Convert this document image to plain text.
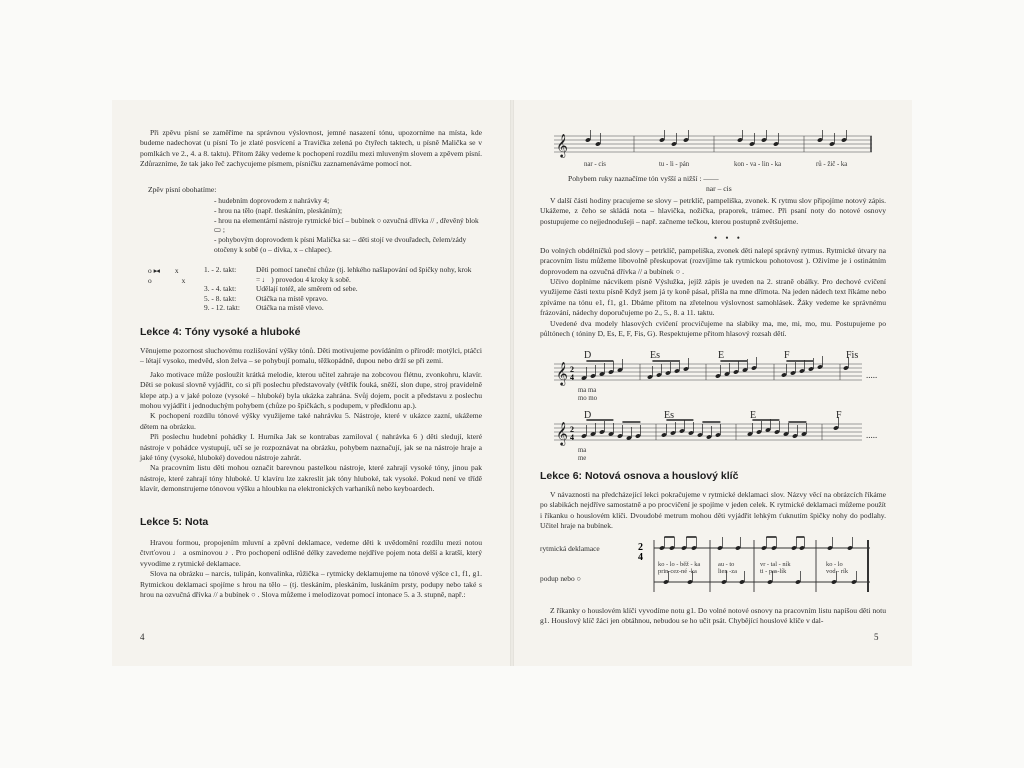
Při zpěvu písní se zaměříme na správnou výslovnost, jemné nasazení tónu, upozorníme na místa, kde budeme nadechovat (u písní To je zlaté posvícení a Travička zelená po čtyřech taktech, u písně Malička se v pomlkách ve 2., 4. a 8. taktu). Přitom žáky vedeme k pochopení rozdílu mezi mluveným slovem a zpěvem písní. Zdůrazníme, že tak jako řeč zachycujeme písmem, písničku zaznamenáváme pomocí not.

Zpěv písní obohatíme:

- hudebním doprovodem z nahrávky 4;
- hrou na tělo (např. tleskáním, pleskáním);
- hrou na elementární nástroje rytmické bicí – bubínek ○ ozvučná dřívka // , dřevěný blok ▭ ;
- pohybovým doprovodem k písni Malička sa: – děti stojí ve dvouřadech, čelem/zády otočeny k sobě (o – dívka, x – chlapec).
o ▸◂ x
o	x
1. - 2. takt:	Děti pomocí taneční chůze (tj. lehkého našlapování od špičky nohy, krok = ♩ ) provedou 4 kroky k sobě.
3. - 4. takt:	Udělají totéž, ale směrem od sebe.
5. - 8. takt:	Otáčka na místě vpravo.
9. - 12. takt:	Otáčka na místě vlevo.
Lekce 4: Tóny vysoké a hluboké

Věnujeme pozornost sluchovému rozlišování výšky tónů. Děti motivujeme povídáním o přírodě: motýlci, ptáčci – létají vysoko, medvěd, slon želva – se pohybují pomalu, těžkopádně, dupou nebo drží se při zemi.

Jako motivace může posloužit krátká melodie, kterou učitel zahraje na zobcovou flétnu, zvonkohru, klavír. Děti se pokusí slovně vyjádřit, co si při poslechu představovaly (větřík fouká, sněží, slon dupe, stroj pravidelně klepe atp.) a v jaké poloze (vysoké – hluboké) byla ukázka zahrána. Svůj dojem, pocit a představu z poslechu mohou vyjádřit i jednoduchým pohybem (chůze po špičkách, s podupem, v předklonu ap.).

K pochopení rozdílu tónové výšky využijeme také nahrávku 5. Nástroje, které v ukázce zazní, ukážeme dětem na obrázku.

Při poslechu hudební pohádky I. Hurníka Jak se kontrabas zamiloval ( nahrávka 6 ) děti sledují, které nástroje v pohádce vystupují, učí se je rozpoznávat na obrázku, pohybem naznačují, jak se na nástroje hraje a jaké tóny (vysoké, hluboké) dovedou nástroje zahrát.

Na pracovním listu děti mohou označit barevnou pastelkou nástroje, které zahrají vysoké tóny, jinou pak nástroje, které zahrají tóny hluboké. U klavíru lze zakreslit jak tóny hluboké, tak vysoké. Pokud není ve třídě klavír, demonstrujeme tónovou výšku a hloubku na elektronických varhaníků nebo keyboardech.

Lekce 5: Nota

Hravou formou, propojením mluvní a zpěvní deklamace, vedeme děti k uvědomění rozdílu mezi notou čtvrťovou ♩ a osminovou ♪ . Pro pochopení odlišné délky zavedeme nejdříve pojem nota delší a kratší, který vyvodíme z rytmické deklamace.

Slova na obrázku – narcis, tulipán, konvalinka, růžička – rytmicky deklamujeme na tónové výšce c1, f1, g1. Rytmickou deklamaci spojíme s hrou na tělo – (tj. tleskáním, pleskáním, luskáním prsty, podupy nebo také s hrou na ozvučná dřívka // a bubínek ○ . Slova můžeme i melodizovat pomocí intonace 5. a 3. stupně, např.:

4
𝄞
nar - cis	tu - li - pán	kon - va - lin - ka	rů - žič - ka

Pohybem ruky naznačíme tón vyšší a nižší : ——

nar – cis

V další části hodiny pracujeme se slovy – petrklíč, pampeliška, zvonek. K rytmu slov připojíme notový zápis. Ukážeme, z čeho se skládá nota – hlavička, nožička, praporek, trámec. Při psaní noty do notové osnovy postupujeme co nejjednodušeji – např. začneme tečkou, kterou postupně zvětšujeme.

• • •

Do volných obdélníčků pod slovy – petrklíč, pampeliška, zvonek děti nalepí správný rytmus. Rytmické útvary na pracovním listu můžeme libovolně přeskupovat (rozvíjíme tak rytmickou pohotovost ). Oživíme je i ostinátním doprovodem na ozvučná dřívka // a bubínek ○ .

Učivo doplníme nácvikem písně Výslužka, jejíž zápis je uveden na 2. straně obálky. Pro dechové cvičení využijeme části textu písně Když jsem já ty koně pásal, přišla na mne dřímota. Na jeden nádech text říkáme nebo zpíváme na tónu e1, f1, g1. Dbáme přitom na zřetelnou výslovnost samohlásek. Žáky vedeme ke správnému frázování, nádechy doporučujeme po 2., 5., 8. a 11. taktu.

Uvedené dva modely hlasových cvičení procvičujeme na slabiky ma, me, mi, mo, mu. Postupujeme po půltónech ( tóniny D, Es, E, F, Fis, G). Respektujeme přitom hlasový rozsah dětí.

D	Es	E	F	Fis
𝄞 2
4	.....
ma ma
mo mo
D	Es	E	F
𝄞 2
4	.....
ma
me
Lekce 6: Notová osnova a houslový klíč

V návaznosti na předcházející lekci pokračujeme v rytmické deklamaci slov. Názvy věcí na obrázcích říkáme po slabikách nejdříve samostatně a po procvičení je spojíme v jeden celek. K rytmické deklamaci můžeme použít i říkanku o houslovém klíči. Dvoudobé metrum mohou děti vyjádřit lehkým ťuknutím špičky nohy do podlahy. Učitel hraje na bubínek.

rytmická deklamace
podup nebo ○
2
4
ko - lo - běž - ka
prin-cez-né -ka
au - to
lien -za
vr - tal - ník
ti - pas-lík
ko - lo
vod - rík

Z říkanky o houslovém klíči vyvodíme notu g1. Do volné notové osnovy na pracovním listu napíšou děti notu g1. Houslový klíč žáci jen obtáhnou, nebudou se ho učit psát. Chybějící houslové klíče v dal-

5
